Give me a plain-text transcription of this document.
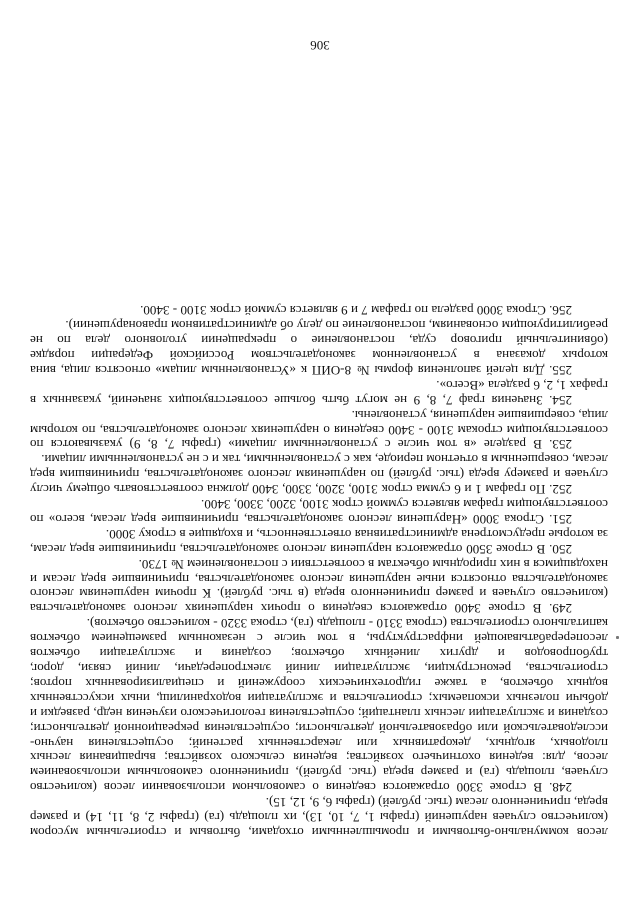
лесов коммунально-бытовыми и промышленными отходами, бытовым и строительным мусором (количество случаев нарушений (графы 1, 7, 10, 13), их площадь (га) (графы 2, 8, 11, 14) и размер вреда, причиненного лесам (тыс. рублей) (графы 6, 9, 12, 15).

248. В строке 3300 отражаются сведения о самовольном использовании лесов (количество случаев, площадь (га) и размер вреда (тыс. рублей), причиненного самовольным использованием лесов, для: ведения охотничьего хозяйства; ведения сельского хозяйства; выращивания лесных плодовых, ягодных, декоративных или лекарственных растений; осуществления научно-исследовательской или образовательной деятельности; осуществления рекреационной деятельности; создания и эксплуатации лесных плантаций; осуществления геологического изучения недр, разведки и добычи полезных ископаемых; строительства и эксплуатации водохранилищ, иных искусственных водных объектов, а также гидротехнических сооружений и специализированных портов; строительства, реконструкции, эксплуатации линий электропередачи, линий связи, дорог, трубопроводов и других линейных объектов; создания и эксплуатации объектов лесоперерабатывающей инфраструктуры, в том числе с незаконным размещением объектов капитального строительства (строка 3310 - площадь (га), строка 3320 - количество объектов).

249. В строке 3400 отражаются сведения о прочих нарушениях лесного законодательства (количество случаев и размер причиненного вреда (в тыс. рублей). К прочим нарушениям лесного законодательства относятся иные нарушения лесного законодательства, причинившие вред лесам и находящимся в них природным объектам в соответствии с постановлением № 1730.

250. В строке 3500 отражаются нарушения лесного законодательства, причинившие вред лесам, за которые предусмотрена административная ответственность, и входящие в строку 3000.

251. Строка 3000 «Нарушения лесного законодательства, причинившие вред лесам, всего» по соответствующим графам является суммой строк 3100, 3200, 3300, 3400.

252. По графам 1 и 6 сумма строк 3100, 3200, 3300, 3400 должна соответствовать общему числу случаев и размеру вреда (тыс. рублей) по нарушениям лесного законодательства, причинившим вред лесам, совершенным в отчетном периоде, как с установленными, так и с не установленными лицами.

253. В разделе «в том числе с установленными лицами» (графы 7, 8, 9) указываются по соответствующим строкам 3100 - 3400 сведения о нарушениях лесного законодательства, по которым лица, совершившие нарушения, установлены.

254. Значения граф 7, 8, 9 не могут быть больше соответствующих значений, указанных в графах 1, 2, 6 раздела «Всего».

255. Для целей заполнения формы № 8-ОИП к «Установленным лицам» относятся лица, вина которых доказана в установленном законодательством Российской Федерации порядке (обвинительный приговор суда, постановление о прекращении уголовного дела по не реабилитирующим основаниям, постановление по делу об административном правонарушении).

256. Строка 3000 раздела по графам 7 и 9 является суммой строк 3100 - 3400.

306
